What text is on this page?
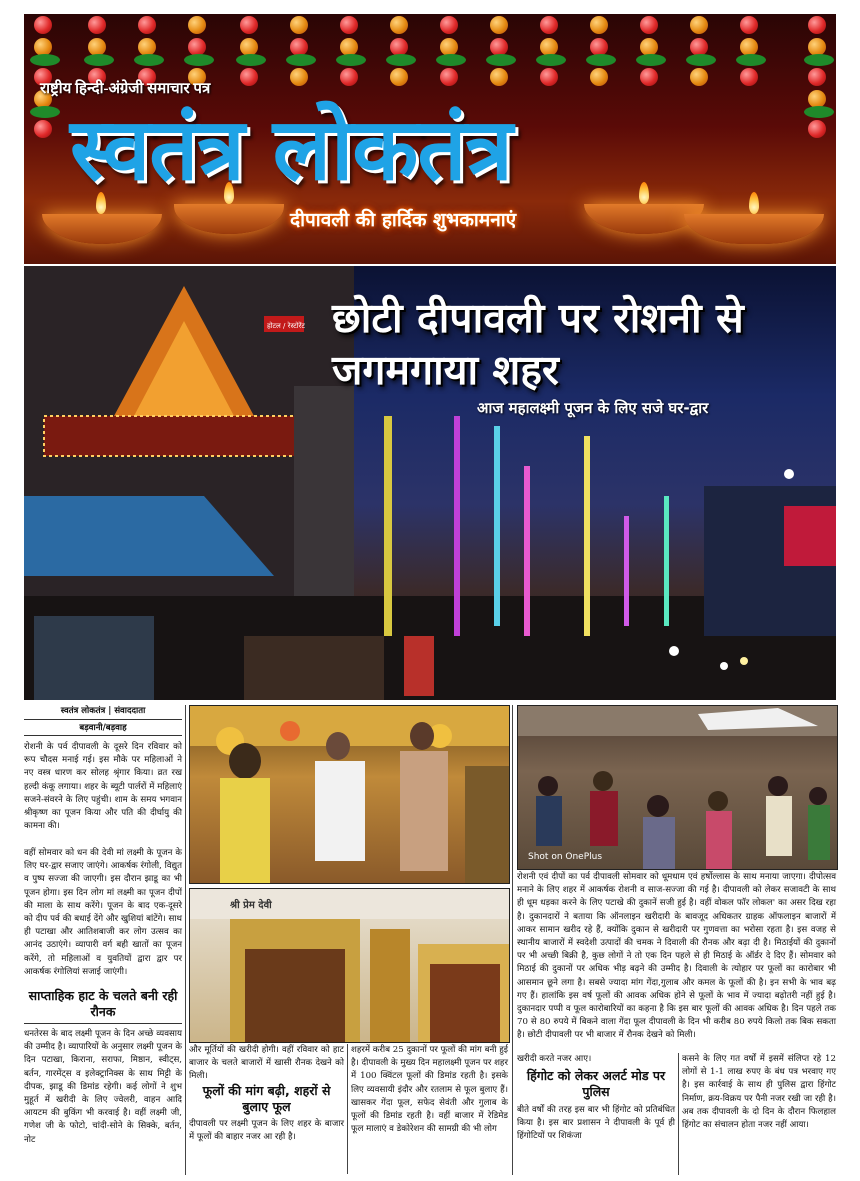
राष्ट्रीय हिन्दी-अंग्रेजी समाचार पत्र
स्वतंत्र लोकतंत्र
दीपावली की हार्दिक शुभकामनाएं
होटल / रेस्टोरेंट छोटी दीपावली पर रोशनी से जगमगाया शहर
आज महालक्ष्मी पूजन के लिए सजे घर-द्वार
स्वतंत्र लोकतंत्र | संवाददाता
बड़वानी/बड़वाह
रोशनी के पर्व दीपावली के दूसरे दिन रविवार को रूप चौदस मनाई गई। इस मौके पर महिलाओं ने नए वस्त्र धारण कर सोलह श्रृंगार किया। व्रत रख हल्दी कंकू लगाया। शहर के ब्यूटी पार्लरों में महिलाएं सजने-संवरने के लिए पहुंची। शाम के समय भगवान श्रीकृष्ण का पूजन किया और पति की दीर्घायु की कामना की।
वहीं सोमवार को धन की देवी मां लक्ष्मी के पूजन के लिए घर-द्वार सजाए जाएंगे। आकर्षक रंगोली, विद्युत व पुष्प सज्जा की जाएगी। इस दौरान झाडू का भी पूजन होगा। इस दिन लोग मां लक्ष्मी का पूजन दीपों की माला के साथ करेंगे। पूजन के बाद एक-दूसरे को दीप पर्व की बधाई देंगे और खुशियां बांटेंगे। साथ ही पटाखा और आतिशबाजी कर लोग उत्सव का आनंद उठाएंगे। व्यापारी वर्ग बही खातों का पूजन करेंगे, तो महिलाओं व युवतियों द्वारा द्वार पर आकर्षक रंगोलियां सजाई जाएंगी।
साप्ताहिक हाट के चलते बनी रही रौनक
धनतेरस के बाद लक्ष्मी पूजन के दिन अच्छे व्यवसाय की उम्मीद है। व्यापारियों के अनुसार लक्ष्मी पूजन के दिन पटाखा, किराना, सराफा, मिष्ठान, स्वीट्स, बर्तन, गारमेंट्स व इलेक्ट्रानिक्स के साथ मिट्टी के दीपक, झाडू की डिमांड रहेगी। कई लोगों ने शुभ मुहूर्त में खरीदी के लिए ज्वेलरी, वाहन आदि आयटम की बुकिंग भी करवाई है। वहीं लक्ष्मी जी, गणेश जी के फोटो, चांदी-सोने के सिक्के, बर्तन, नोट
श्री प्रेम देवी
और मूर्तियों की खरीदी होगी। वहीं रविवार को हाट बाजार के चलते बाजारों में खासी रौनक देखने को मिली।
फूलों की मांग बढ़ी, शहरों से बुलाए फूल
दीपावली पर लक्ष्मी पूजन के लिए शहर के बाजार में फूलों की बाहार नजर आ रही है।
शहरमें करीब 25 दुकानों पर फूलों की मांग बनी हुई है। दीपावली के मुख्य दिन महालक्ष्मी पूजन पर शहर में 100 क्विंटल फूलों की डिमांड रहती है। इसके लिए व्यवसायी इंदौर और रतलाम से फूल बुलाए हैं। खासकर गेंदा फूल, सफेद सेवंती और गुलाब के फूलों की डिमांड रहती है। वहीं बाजार में रेडिमेड फूल मालाएं व डेकोरेशन की सामग्री की भी लोग
Shot on OnePlus
रोशनी एवं दीपों का पर्व दीपावली सोमवार को धूमधाम एवं हर्षोल्लास के साथ मनाया जाएगा। दीपोत्सव मनाने के लिए शहर में आकर्षक रोशनी व साज-सज्जा की गई है। दीपावली को लेकर सजावटी के साथ ही धूम धड़का करने के लिए पटाखे की दुकानें सजी हुई है। वहीं वोकल फॉर लोकल' का असर दिख रहा है। दुकानदारों ने बताया कि ऑनलाइन खरीदारी के बावजूद अधिकतर ग्राहक ऑफलाइन बाजारों में आकर सामान खरीद रहे हैं, क्योंकि दुकान से खरीदारी पर गुणवत्ता का भरोसा रहता है। इस वजह से स्थानीय बाजारों में स्वदेशी उत्पादों की चमक ने दिवाली की रौनक और बढ़ा दी है। मिठाईयों की दुकानों पर भी अच्छी बिक्री है, कुछ लोगों ने तो एक दिन पहले से ही मिठाई के ऑर्डर दे दिए हैं। सोमवार को मिठाई की दुकानों पर अधिक भीड़ बढ़ने की उम्मीद है। दिवाली के त्योहार पर फूलों का कारोबार भी आसमान छूने लगा है। सबसे ज्यादा मांग गेंदा,गुलाब और कमल के फूलों की है। इन सभी के भाव बढ़ गए हैं। हालांकि इस वर्ष फूलों की आवक अधिक होने से फूलों के भाव में ज्यादा बढ़ोतरी नहीं हुई है। दुकानदार पप्पी व फूल कारोबारियों का कहना है कि इस बार फूलों की आवक अधिक है। दिन पहले तक 70 से 80 रुपये में बिकने वाला गेंदा फूल दीपावली के दिन भी करीब 80 रुपये किलो तक बिक सकता है। छोटी दीपावली पर भी बाजार में रौनक देखने को मिली।
खरीदी करते नजर आए।
हिंगोट को लेकर अलर्ट मोड पर पुलिस
बीते वर्षों की तरह इस बार भी हिंगोट को प्रतिबंधित किया है। इस बार प्रशासन ने दीपावली के पूर्व ही हिंगोटियों पर शिकंजा
कसने के लिए गत वर्षों में इसमें संलिप्त रहे 12 लोगों से 1-1 लाख रुपए के बंध पत्र भरवाए गए है। इस कार्रवाई के साथ ही पुलिस द्वारा हिंगोट निर्माण, क्रय-विक्रय पर पैनी नजर रखी जा रही है। अब तक दीपावली के दो दिन के दौरान फिलहाल हिंगोट का संचालन होता नजर नहीं आया।
